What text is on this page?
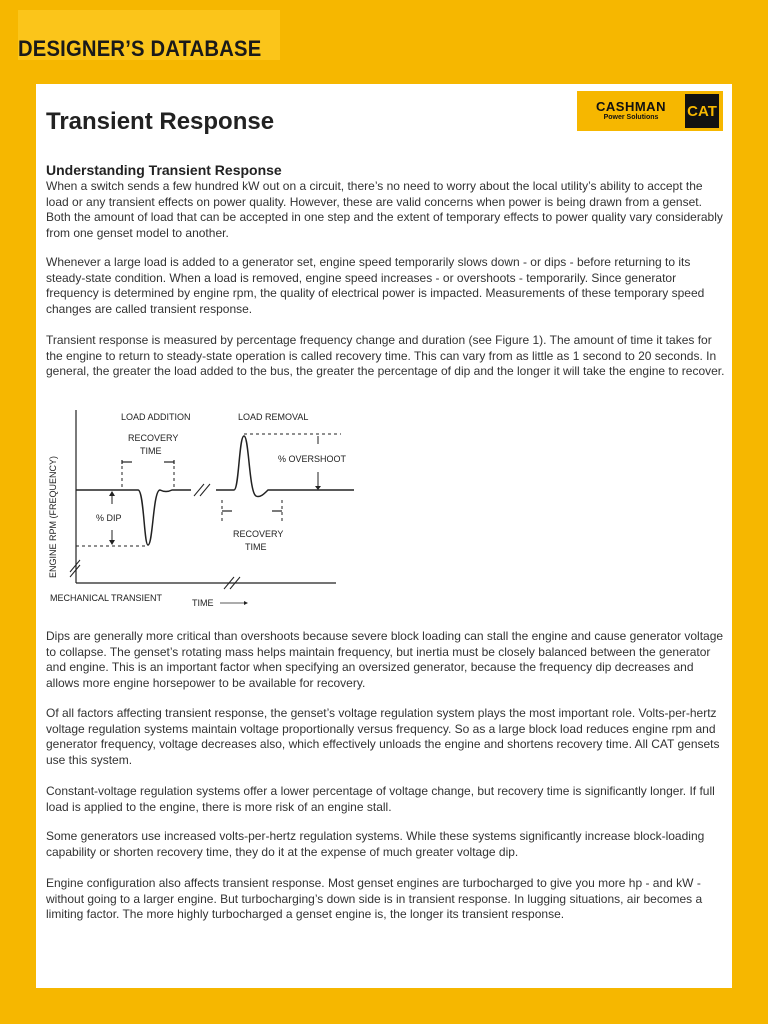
DESIGNER’S DATABASE
Transient Response
CASHMAN
Power Solutions	CAT
Understanding Transient Response
When a switch sends a few hundred kW out on a circuit, there’s no need to worry about the local utility’s ability to accept the load or any transient effects on power quality. However, these are valid concerns when power is being drawn from a genset. Both the amount of load that can be accepted in one step and the extent of temporary effects to power quality vary considerably from one genset model to another.
Whenever a large load is added to a generator set, engine speed temporarily slows down - or dips - before returning to its steady-state condition. When a load is removed, engine speed increases - or overshoots - temporarily. Since generator frequency is determined by engine rpm, the quality of electrical power is impacted. Measurements of these temporary speed changes are called transient response.
Transient response is measured by percentage frequency change and duration (see Figure 1). The amount of time it takes for the engine to return to steady-state operation is called recovery time. This can vary from as little as 1 second to 20 seconds. In general, the greater the load added to the bus, the greater the percentage of dip and the longer it will take the engine to recover.
ENGINE RPM (FREQUENCY)
LOAD ADDITION	LOAD REMOVAL
RECOVERY
TIME
% OVERSHOOT
% DIP
RECOVERY
TIME
MECHANICAL TRANSIENT	TIME
Dips are generally more critical than overshoots because severe block loading can stall the engine and cause generator voltage to collapse. The genset’s rotating mass helps maintain frequency, but inertia must be closely balanced between the generator and engine. This is an important factor when specifying an oversized generator, because the frequency dip decreases and allows more engine horsepower to be available for recovery.
Of all factors affecting transient response, the genset’s voltage regulation system plays the most important role. Volts-per-hertz voltage regulation systems maintain voltage proportionally versus frequency. So as a large block load reduces engine rpm and generator frequency, voltage decreases also, which effectively unloads the engine and shortens recovery time. All CAT gensets use this system.
Constant-voltage regulation systems offer a lower percentage of voltage change, but recovery time is significantly longer. If full load is applied to the engine, there is more risk of an engine stall.
Some generators use increased volts-per-hertz regulation systems. While these systems significantly increase block-loading capability or shorten recovery time, they do it at the expense of much greater voltage dip.
Engine configuration also affects transient response. Most genset engines are turbocharged to give you more hp - and kW - without going to a larger engine. But turbocharging’s down side is in transient response. In lugging situations, air becomes a limiting factor. The more highly turbocharged a genset engine is, the longer its transient response.
